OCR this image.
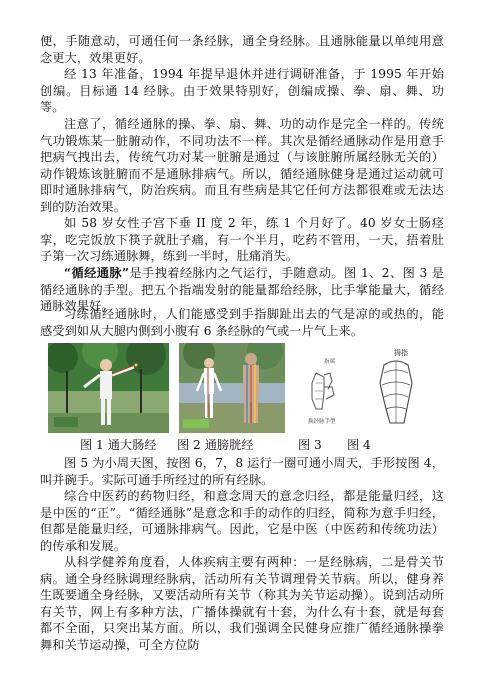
便，手随意动，可通任何一条经脉，通全身经脉。且通脉能量以单纯用意念更大，效果更好。

经 13 年准备，1994 年提早退休并进行调研准备，于 1995 年开始创编。目标通 14 经脉。由于效果特别好，创编成操、拳、扇、舞、功等。

注意了，循经通脉的操、拳、扇、舞、功的动作是完全一样的。传统气功锻炼某一脏腑动作，不同功法不一样。其次是循经通脉动作是用意手把病气拽出去，传统气功对某一脏腑是通过（与该脏腑所属经脉无关的）动作锻炼该脏腑而不是通脉排病气。所以，循经通脉健身是通过运动就可即时通脉排病气，防治疾病。而且有些病是其它任何方法都很难或无法达到的防治效果。

如 58 岁女性子宫下垂 II 度 2 年，练 1 个月好了。40 岁女士肠痉挛，吃完饭放下筷子就肚子痛，有一个半月，吃药不管用，一天，捂着肚子第一次习练通脉舞，练到一半时，肚痛消失。

“循经通脉”是手拽着经脉内之气运行，手随意动。图 1、2、图 3 是循经通脉的手型。把五个指端发射的能量都给经脉，比手掌能量大，循经通脉效果好。

习练循经通脉时，人们能感受到手指脚趾出去的气是凉的或热的，能感受到如从大腿内侧到小腹有 6 条经脉的气或一片气上来。

指端
换经脉手型
拇指
图 1 通大肠经 图 2 通膀胱经	图 3 图 4

图 5 为小周天图，按图 6，7，8 运行一圈可通小周天，手形按图 4，叫并碗手。实际可通手所经过的所有经脉。

综合中医药的药物归经，和意念周天的意念归经，都是能量归经，这是中医的“正”。“循经通脉”是意念和手的动作的归经，简称为意手归经，但都是能量归经，可通脉排病气。因此，它是中医（中医药和传统功法）的传承和发展。

从科学健养角度看，人体疾病主要有两种：一是经脉病，二是骨关节病。通全身经脉调理经脉病，活动所有关节调理骨关节病。所以，健身养生既要通全身经脉，又要活动所有关节（称其为关节运动操）。说到活动所有关节，网上有多种方法，广播体操就有十套，为什么有十套，就是每套都不全面，只突出某方面。所以，我们强调全民健身应推广循经通脉操拳舞和关节运动操，可全方位防
